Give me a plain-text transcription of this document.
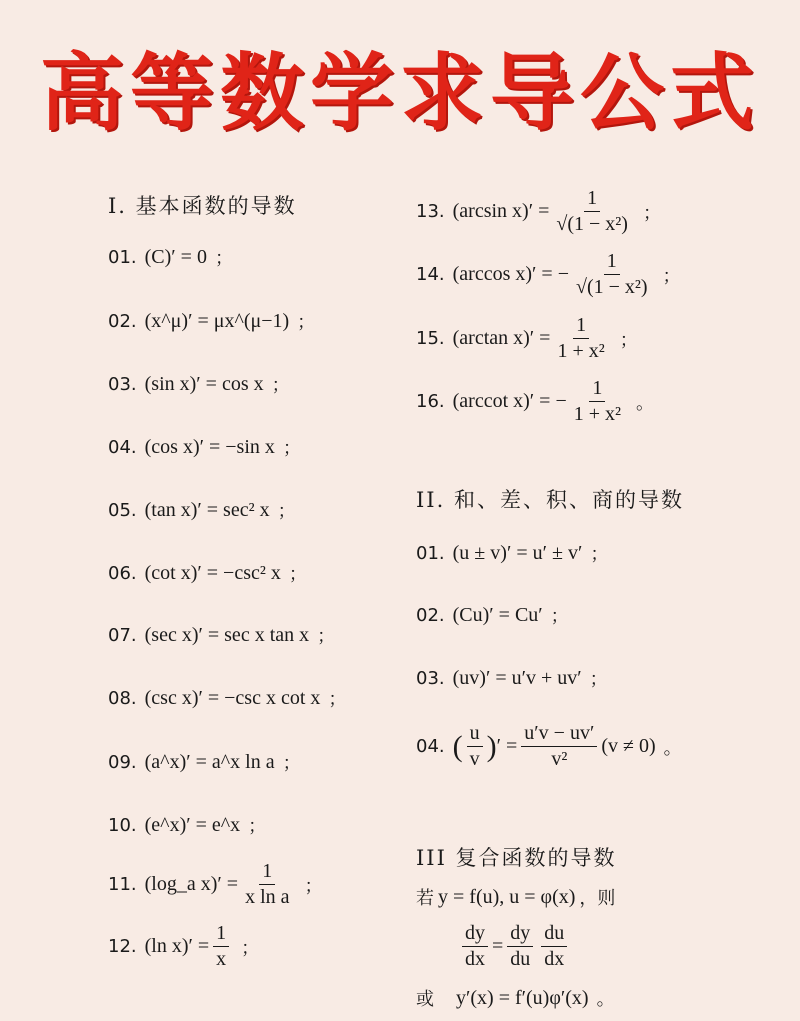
高等数学求导公式
I. 基本函数的导数
01. (C)′ = 0 ；
02. (x^μ)′ = μx^(μ−1) ；
03. (sin x)′ = cos x ；
04. (cos x)′ = −sin x ；
05. (tan x)′ = sec² x ；
06. (cot x)′ = −csc² x ；
07. (sec x)′ = sec x tan x ；
08. (csc x)′ = −csc x cot x ；
09. (a^x)′ = a^x ln a ；
10. (e^x)′ = e^x ；
11. (log_a $x)' = \frac{1}{\text{x ln a}}$ ；
12. (ln $x)' = \frac{1}{x}$ ；
13. (arcsin $x)' = \frac{1}{\text{√(1 − x²)}}$ ；
14. (arccos x)′ = − $\frac{1}{\text{√(1 − x²)}}$ ；
15. (arctan $x)' = \frac{1}{\text{1 + x²}}$ ；
16. (arccot x)′ = − $\frac{1}{\text{1 + x²}}$ 。
II. 和、差、积、商的导数
01. (u ± v)′ = u′ ± v′ ；
02. (Cu)′ = Cu′ ；
03. (uv)′ = u′v + uv′ ；
04. ( $\frac{u}{v}$ ) ′ = $\frac{u'v - uv'}{\text{v²}} (v \ne 0)$ 。
III 复合函数的导数
若 y = f(u), u = φ(x) ，则
$\frac{dy}{dx} = \frac{dy}{du} \frac{du}{dx}$
或 y′(x) = f′(u)φ′(x) 。
